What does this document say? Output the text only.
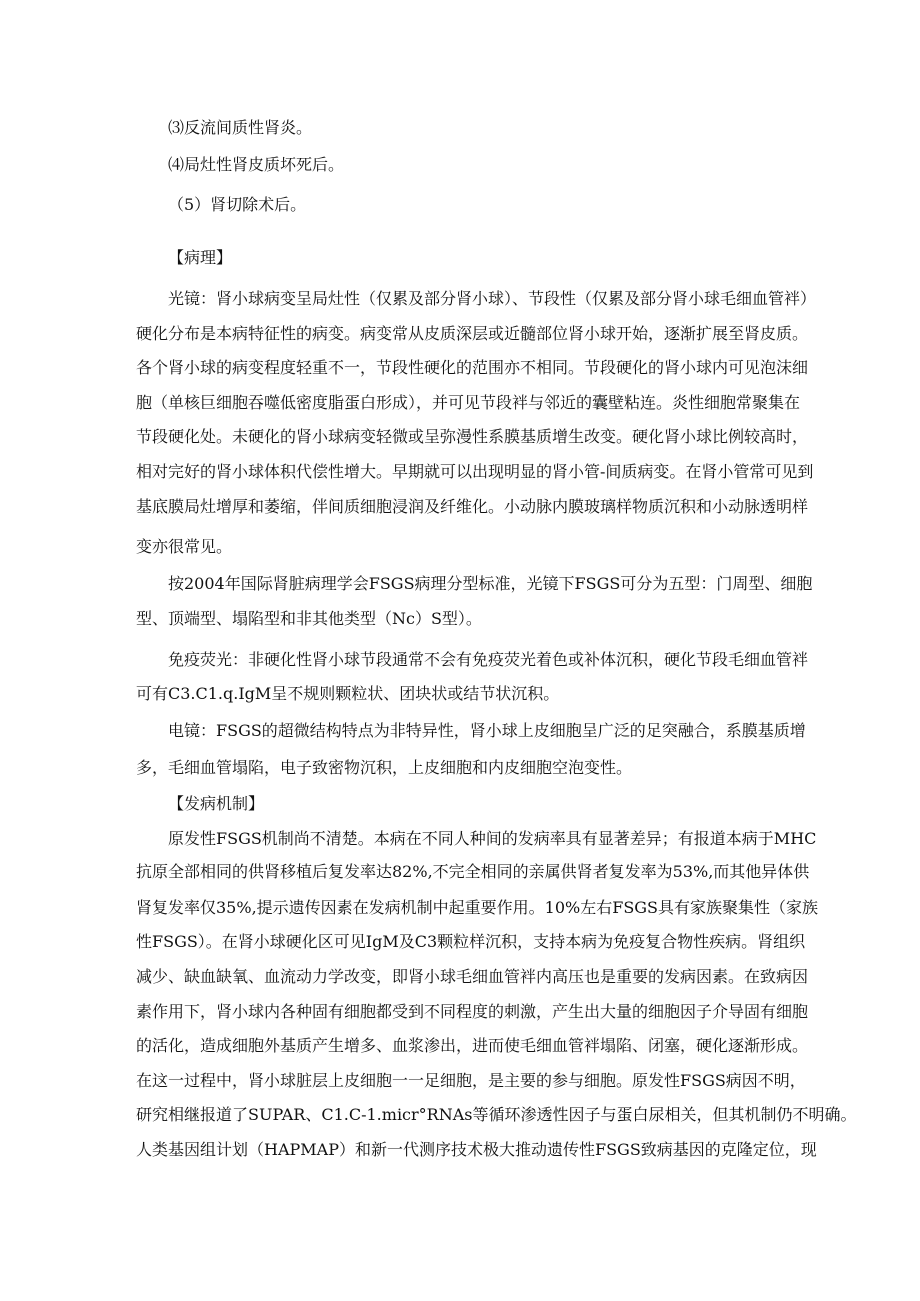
⑶反流间质性肾炎。
⑷局灶性肾皮质坏死后。
（5）肾切除术后。
【病理】
光镜：肾小球病变呈局灶性（仅累及部分肾小球）、节段性（仅累及部分肾小球毛细血管袢）
硬化分布是本病特征性的病变。病变常从皮质深层或近髓部位肾小球开始，逐渐扩展至肾皮质。
各个肾小球的病变程度轻重不一，节段性硬化的范围亦不相同。节段硬化的肾小球内可见泡沫细
胞（单核巨细胞吞噬低密度脂蛋白形成），并可见节段袢与邻近的囊壁粘连。炎性细胞常聚集在
节段硬化处。未硬化的肾小球病变轻微或呈弥漫性系膜基质增生改变。硬化肾小球比例较高时，
相对完好的肾小球体积代偿性增大。早期就可以出现明显的肾小管-间质病变。在肾小管常可见到
基底膜局灶增厚和萎缩，伴间质细胞浸润及纤维化。小动脉内膜玻璃样物质沉积和小动脉透明样
变亦很常见。
按2004年国际肾脏病理学会FSGS病理分型标准，光镜下FSGS可分为五型：门周型、细胞
型、顶端型、塌陷型和非其他类型（Nc）S型）。
免疫荧光：非硬化性肾小球节段通常不会有免疫荧光着色或补体沉积，硬化节段毛细血管袢
可有C3.C1.q.IgM呈不规则颗粒状、团块状或结节状沉积。
电镜：FSGS的超微结构特点为非特异性，肾小球上皮细胞呈广泛的足突融合，系膜基质增
多，毛细血管塌陷，电子致密物沉积，上皮细胞和内皮细胞空泡变性。
【发病机制】
原发性FSGS机制尚不清楚。本病在不同人种间的发病率具有显著差异；有报道本病于MHC
抗原全部相同的供肾移植后复发率达82%,不完全相同的亲属供肾者复发率为53%,而其他异体供
肾复发率仅35%,提示遗传因素在发病机制中起重要作用。10%左右FSGS具有家族聚集性（家族
性FSGS）。在肾小球硬化区可见IgM及C3颗粒样沉积，支持本病为免疫复合物性疾病。肾组织
减少、缺血缺氧、血流动力学改变，即肾小球毛细血管袢内高压也是重要的发病因素。在致病因
素作用下，肾小球内各种固有细胞都受到不同程度的刺激，产生出大量的细胞因子介导固有细胞
的活化，造成细胞外基质产生增多、血浆渗出，进而使毛细血管袢塌陷、闭塞，硬化逐渐形成。
在这一过程中，肾小球脏层上皮细胞一一足细胞，是主要的参与细胞。原发性FSGS病因不明，
研究相继报道了SUPAR、C1.C-1.micr°RNAs等循环渗透性因子与蛋白尿相关，但其机制仍不明确。
人类基因组计划（HAPMAP）和新一代测序技术极大推动遗传性FSGS致病基因的克隆定位，现
